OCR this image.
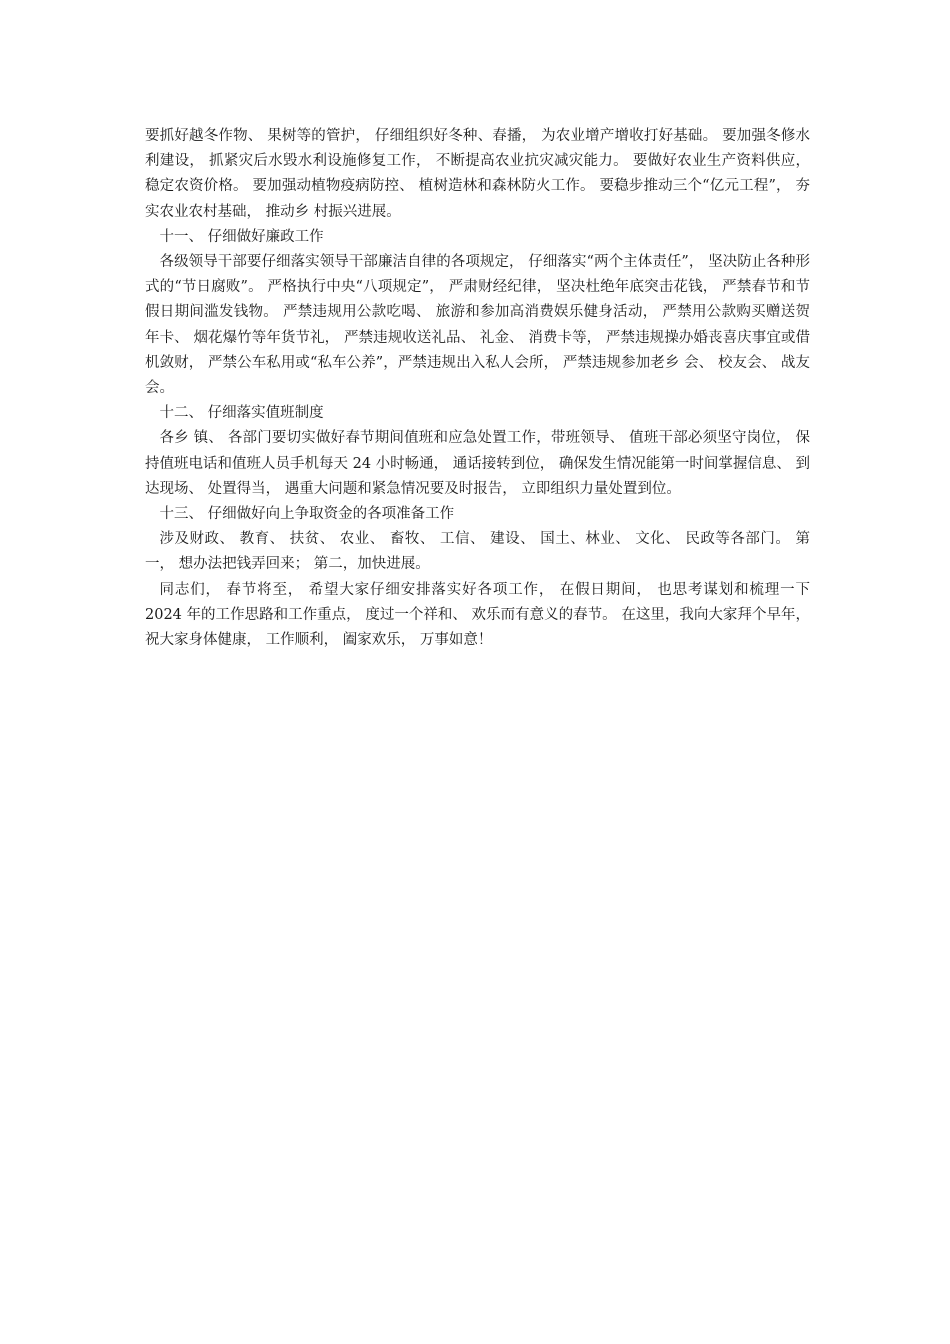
要抓好越冬作物、 果树等的管护， 仔细组织好冬种、春播， 为农业增产增收打好基础。 要加强冬修水利建设， 抓紧灾后水毁水利设施修复工作， 不断提高农业抗灾减灾能力。 要做好农业生产资料供应， 稳定农资价格。 要加强动植物疫病防控、 植树造林和森林防火工作。 要稳步推动三个“亿元工程”， 夯实农业农村基础， 推动乡 村振兴进展。

十一、 仔细做好廉政工作

各级领导干部要仔细落实领导干部廉洁自律的各项规定， 仔细落实“两个主体责任”， 坚决防止各种形式的“节日腐败”。 严格执行中央“八项规定”， 严肃财经纪律， 坚决杜绝年底突击花钱， 严禁春节和节假日期间滥发钱物。 严禁违规用公款吃喝、 旅游和参加高消费娱乐健身活动， 严禁用公款购买赠送贺年卡、 烟花爆竹等年货节礼， 严禁违规收送礼品、 礼金、 消费卡等， 严禁违规操办婚丧喜庆事宜或借机敛财， 严禁公车私用或“私车公养”，严禁违规出入私人会所， 严禁违规参加老乡 会、 校友会、 战友会。

十二、 仔细落实值班制度

各乡 镇、 各部门要切实做好春节期间值班和应急处置工作，带班领导、 值班干部必须坚守岗位， 保持值班电话和值班人员手机每天 24 小时畅通， 通话接转到位， 确保发生情况能第一时间掌握信息、 到达现场、 处置得当， 遇重大问题和紧急情况要及时报告， 立即组织力量处置到位。

十三、 仔细做好向上争取资金的各项准备工作

涉及财政、 教育、 扶贫、 农业、 畜牧、 工信、 建设、 国土、林业、 文化、 民政等各部门。 第一， 想办法把钱弄回来； 第二，加快进展。

同志们， 春节将至， 希望大家仔细安排落实好各项工作， 在假日期间， 也思考谋划和梳理一下 2024 年的工作思路和工作重点， 度过一个祥和、 欢乐而有意义的春节。 在这里，我向大家拜个早年， 祝大家身体健康， 工作顺利， 阖家欢乐， 万事如意！
